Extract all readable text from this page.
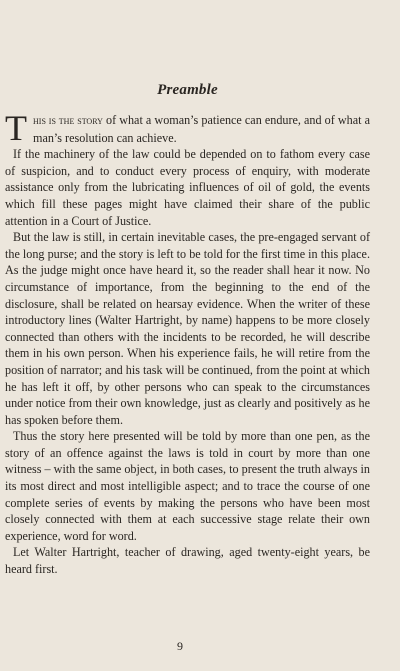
Preamble

This is the story of what a woman’s patience can endure, and of what a man’s resolution can achieve.

If the machinery of the law could be depended on to fathom every case of suspicion, and to conduct every process of enquiry, with moderate assistance only from the lubricating influences of oil of gold, the events which fill these pages might have claimed their share of the public attention in a Court of Justice.

But the law is still, in certain inevitable cases, the pre-engaged servant of the long purse; and the story is left to be told for the first time in this place. As the judge might once have heard it, so the reader shall hear it now. No circumstance of importance, from the beginning to the end of the disclosure, shall be related on hearsay evidence. When the writer of these introductory lines (Walter Hartright, by name) happens to be more closely connected than others with the incidents to be recorded, he will describe them in his own person. When his experience fails, he will retire from the position of narrator; and his task will be continued, from the point at which he has left it off, by other persons who can speak to the circumstances under notice from their own knowledge, just as clearly and positively as he has spoken before them.

Thus the story here presented will be told by more than one pen, as the story of an offence against the laws is told in court by more than one witness – with the same object, in both cases, to present the truth always in its most direct and most intelligible aspect; and to trace the course of one complete series of events by making the persons who have been most closely connected with them at each successive stage relate their own experience, word for word.

Let Walter Hartright, teacher of drawing, aged twenty-eight years, be heard first.

9
